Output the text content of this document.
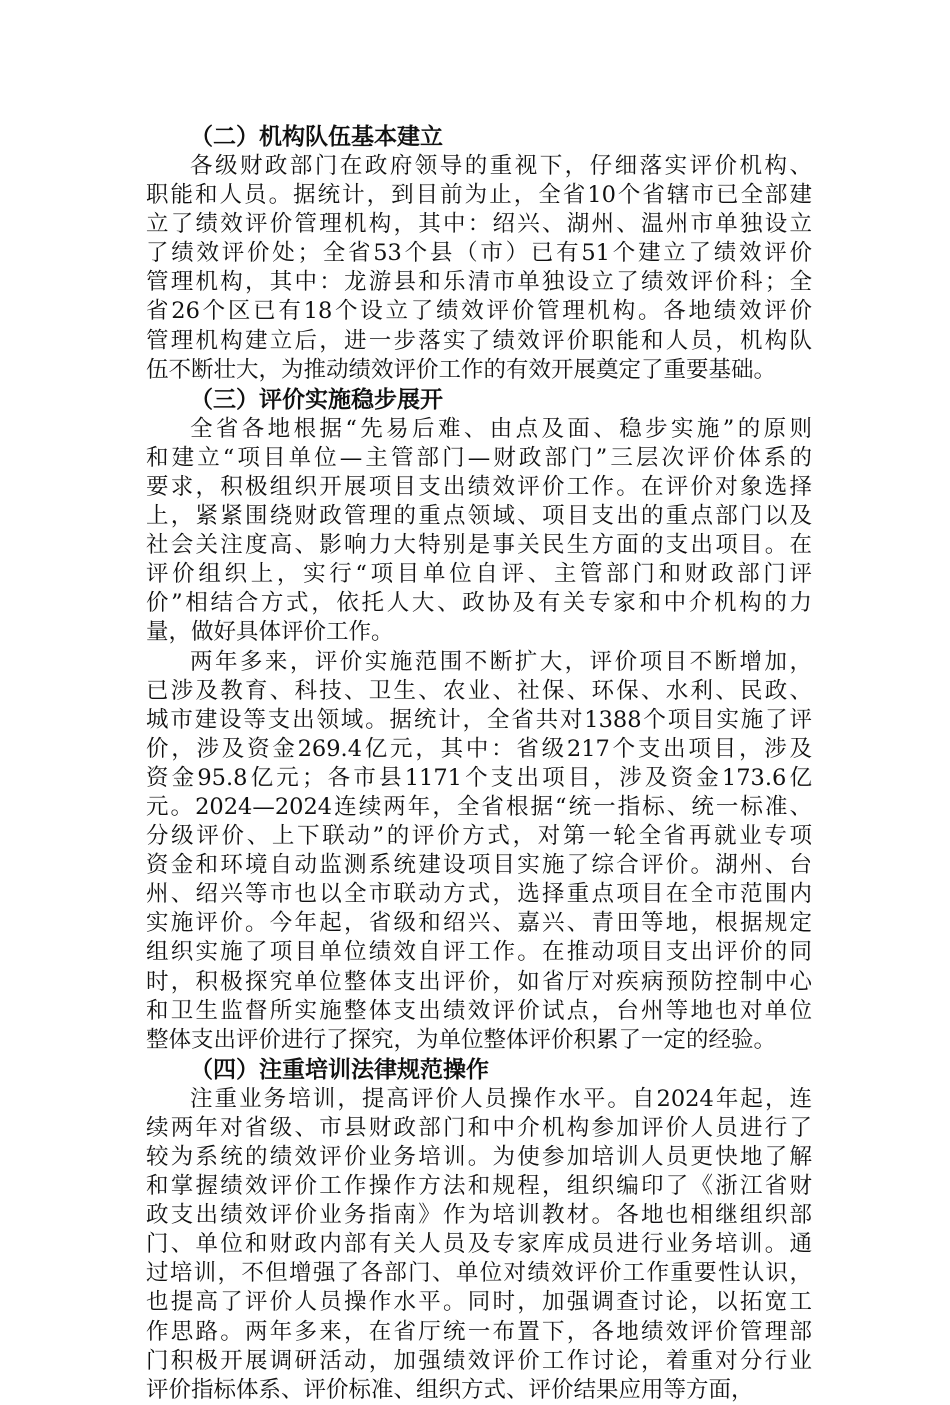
（二）机构队伍基本建立
各级财政部门在政府领导的重视下，仔细落实评价机构、
职能和人员。据统计，到目前为止，全省10个省辖市已全部建
立了绩效评价管理机构，其中：绍兴、湖州、温州市单独设立
了绩效评价处；全省53个县（市）已有51个建立了绩效评价
管理机构，其中：龙游县和乐清市单独设立了绩效评价科；全
省26个区已有18个设立了绩效评价管理机构。各地绩效评价
管理机构建立后，进一步落实了绩效评价职能和人员，机构队
伍不断壮大，为推动绩效评价工作的有效开展奠定了重要基础。
（三）评价实施稳步展开
全省各地根据“先易后难、由点及面、稳步实施”的原则
和建立“项目单位—主管部门—财政部门”三层次评价体系的
要求，积极组织开展项目支出绩效评价工作。在评价对象选择
上，紧紧围绕财政管理的重点领域、项目支出的重点部门以及
社会关注度高、影响力大特别是事关民生方面的支出项目。在
评价组织上，实行“项目单位自评、主管部门和财政部门评
价”相结合方式，依托人大、政协及有关专家和中介机构的力
量，做好具体评价工作。
两年多来，评价实施范围不断扩大，评价项目不断增加，
已涉及教育、科技、卫生、农业、社保、环保、水利、民政、
城市建设等支出领域。据统计，全省共对1388个项目实施了评
价，涉及资金269.4亿元，其中：省级217个支出项目，涉及
资金95.8亿元；各市县1171个支出项目，涉及资金173.6亿
元。2024—2024连续两年，全省根据“统一指标、统一标准、
分级评价、上下联动”的评价方式，对第一轮全省再就业专项
资金和环境自动监测系统建设项目实施了综合评价。湖州、台
州、绍兴等市也以全市联动方式，选择重点项目在全市范围内
实施评价。今年起，省级和绍兴、嘉兴、青田等地，根据规定
组织实施了项目单位绩效自评工作。在推动项目支出评价的同
时，积极探究单位整体支出评价，如省厅对疾病预防控制中心
和卫生监督所实施整体支出绩效评价试点，台州等地也对单位
整体支出评价进行了探究，为单位整体评价积累了一定的经验。
（四）注重培训法律规范操作
注重业务培训，提高评价人员操作水平。自2024年起，连
续两年对省级、市县财政部门和中介机构参加评价人员进行了
较为系统的绩效评价业务培训。为使参加培训人员更快地了解
和掌握绩效评价工作操作方法和规程，组织编印了《浙江省财
政支出绩效评价业务指南》作为培训教材。各地也相继组织部
门、单位和财政内部有关人员及专家库成员进行业务培训。通
过培训，不但增强了各部门、单位对绩效评价工作重要性认识，
也提高了评价人员操作水平。同时，加强调查讨论，以拓宽工
作思路。两年多来，在省厅统一布置下，各地绩效评价管理部
门积极开展调研活动，加强绩效评价工作讨论，着重对分行业
评价指标体系、评价标准、组织方式、评价结果应用等方面，
